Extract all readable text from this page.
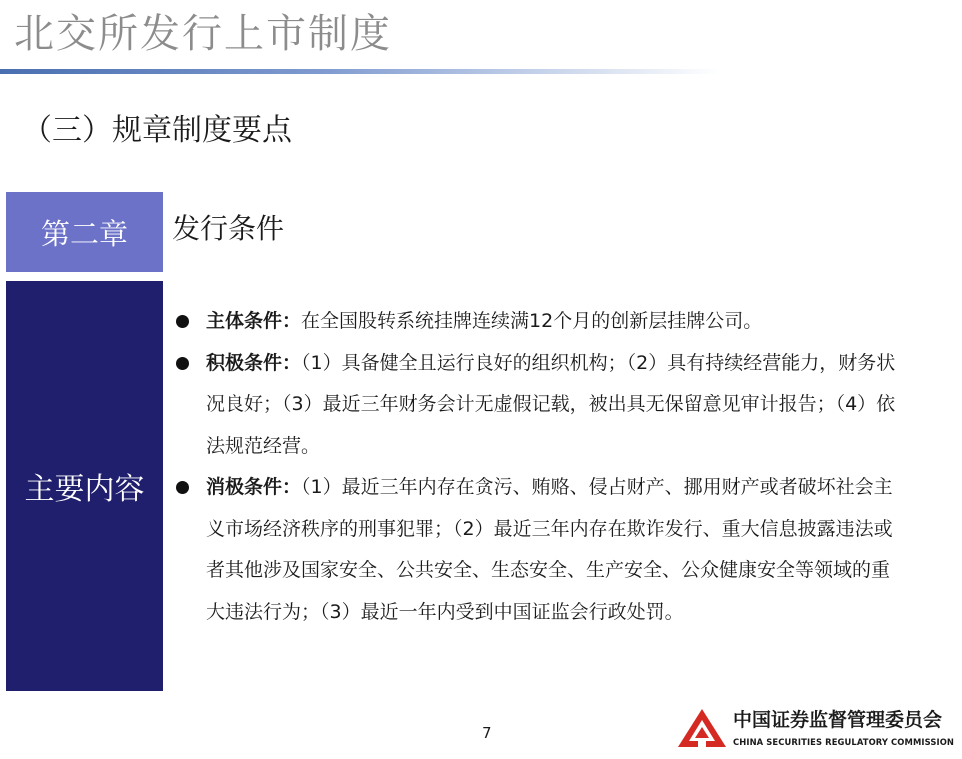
北交所发行上市制度
（三）规章制度要点
第二章 发行条件
主要内容
主体条件：在全国股转系统挂牌连续满12个月的创新层挂牌公司。
积极条件：（1）具备健全且运行良好的组织机构；（2）具有持续经营能力，财务状况良好；（3）最近三年财务会计无虚假记载，被出具无保留意见审计报告；（4）依法规范经营。
消极条件：（1）最近三年内存在贪污、贿赂、侵占财产、挪用财产或者破坏社会主义市场经济秩序的刑事犯罪；（2）最近三年内存在欺诈发行、重大信息披露违法或者其他涉及国家安全、公共安全、生态安全、生产安全、公众健康安全等领域的重大违法行为；（3）最近一年内受到中国证监会行政处罚。
7
中国证券监督管理委员会
CHINA SECURITIES REGULATORY COMMISSION
